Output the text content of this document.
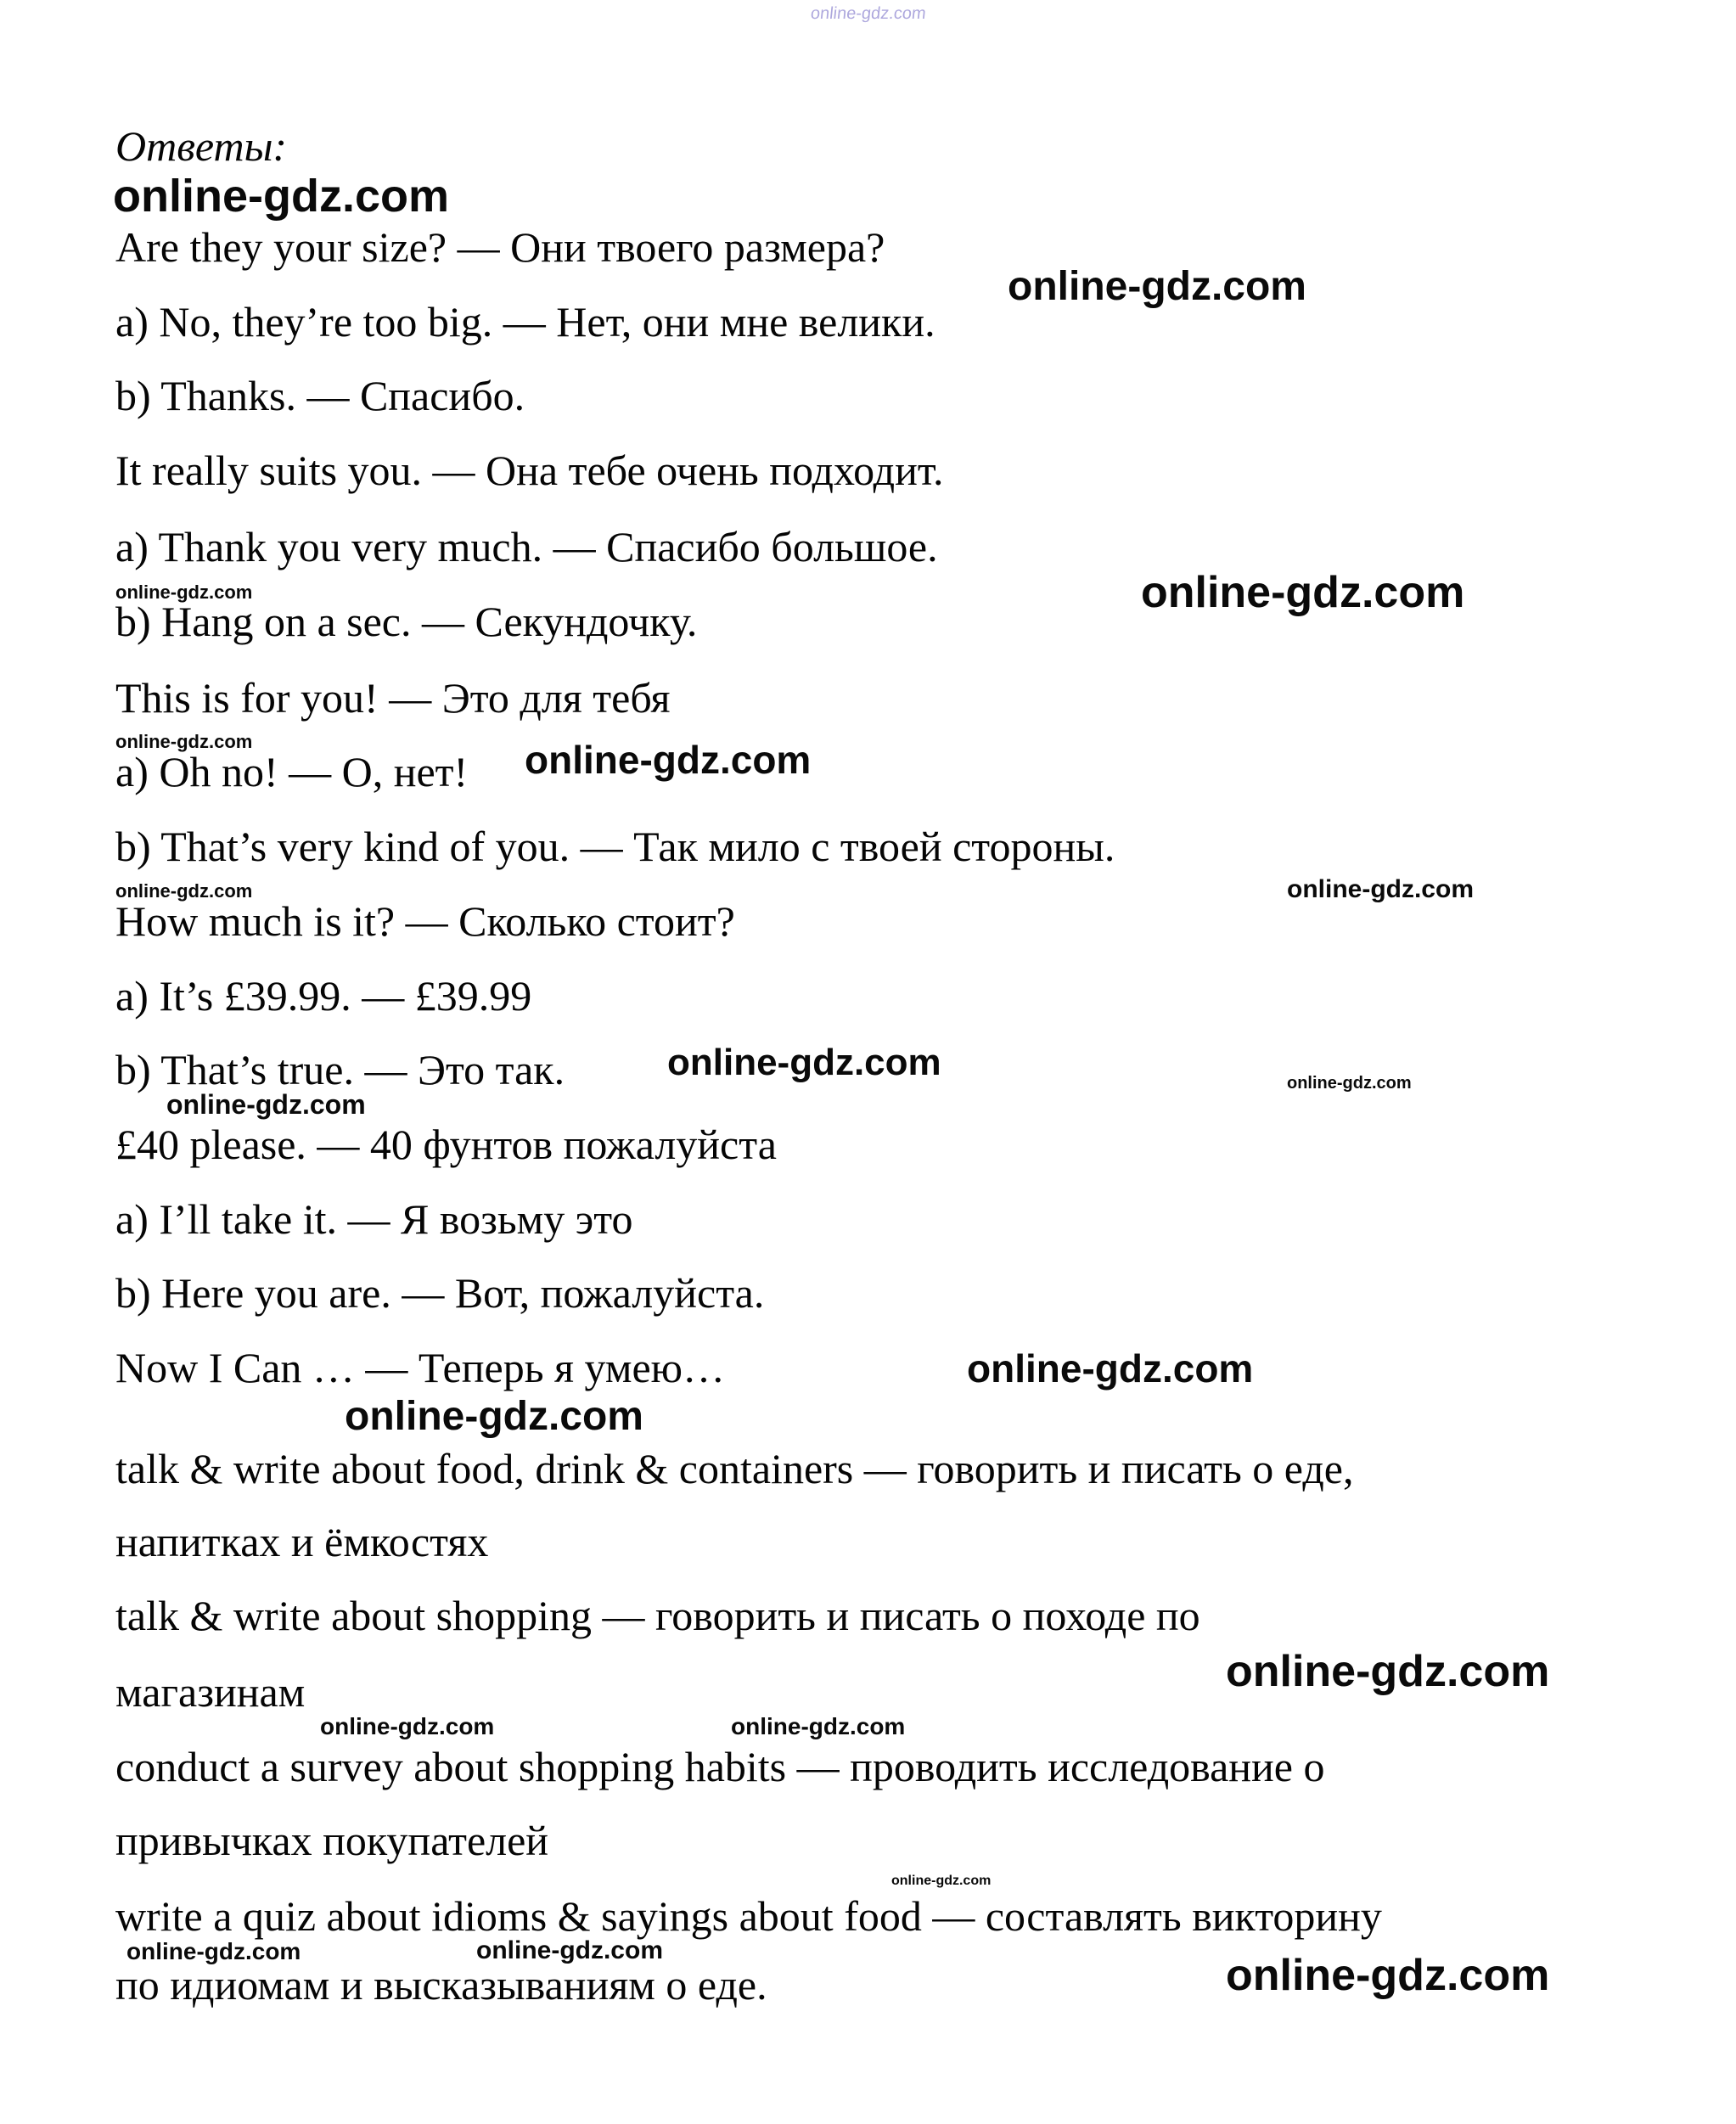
online-gdz.com
Ответы:
online-gdz.com
Are they your size? — Они твоего размера?
online-gdz.com
a) No, they’re too big. — Нет, они мне велики.
b) Thanks. — Спасибо.
It really suits you. — Она тебе очень подходит.
a) Thank you very much. — Спасибо большое.
online-gdz.com
b) Hang on a sec. — Секундочку.
online-gdz.com
This is for you! — Это для тебя
online-gdz.com
a) Oh no! — О, нет! online-gdz.com
b) That’s very kind of you. — Так мило с твоей стороны.
online-gdz.com	online-gdz.com
How much is it? — Сколько стоит?
a) It’s £39.99. — £39.99
b) That’s true. — Это так.	online-gdz.com	online-gdz.com
online-gdz.com
£40 please. — 40 фунтов пожалуйста
a) I’ll take it. — Я возьму это
b) Here you are. — Вот, пожалуйста.
Now I Can … — Теперь я умею…	online-gdz.com
online-gdz.com
talk & write about food, drink & containers — говорить и писать о еде,
напитках и ёмкостях
talk & write about shopping — говорить и писать о походе по
магазинам	online-gdz.com
online-gdz.com	online-gdz.com
conduct a survey about shopping habits — проводить исследование о
привычках покупателей
online-gdz.com
write a quiz about idioms & sayings about food — составлять викторину
online-gdz.com	online-gdz.com
по идиомам и высказываниям о еде.	online-gdz.com
